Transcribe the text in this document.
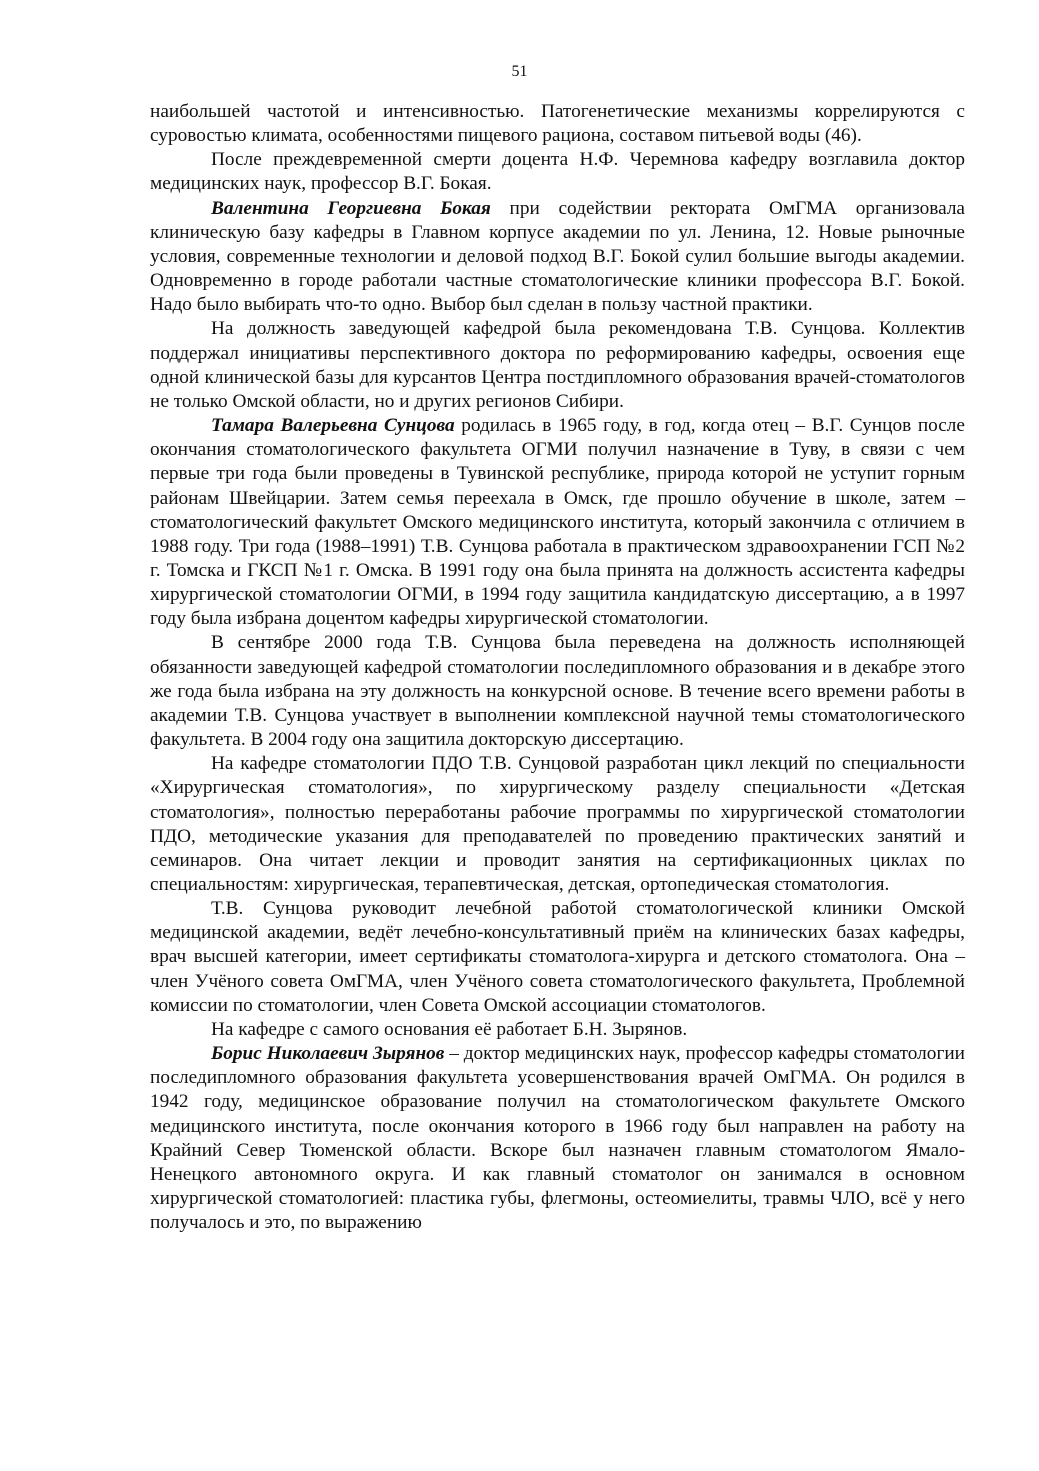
51

наибольшей частотой и интенсивностью. Патогенетические механизмы коррелируются с суровостью климата, особенностями пищевого рациона, составом питьевой воды (46).

После преждевременной смерти доцента Н.Ф. Черемнова кафедру возглавила доктор медицинских наук, профессор В.Г. Бокая.

Валентина Георгиевна Бокая при содействии ректората ОмГМА организовала клиническую базу кафедры в Главном корпусе академии по ул. Ленина, 12. Новые рыночные условия, современные технологии и деловой подход В.Г. Бокой сулил большие выгоды академии. Одновременно в городе работали частные стоматологические клиники профессора В.Г. Бокой. Надо было выбирать что-то одно. Выбор был сделан в пользу частной практики.

На должность заведующей кафедрой была рекомендована Т.В. Сунцова. Коллектив поддержал инициативы перспективного доктора по реформированию кафедры, освоения еще одной клинической базы для курсантов Центра постдипломного образования врачей-стоматологов не только Омской области, но и других регионов Сибири.

Тамара Валерьевна Сунцова родилась в 1965 году, в год, когда отец – В.Г. Сунцов после окончания стоматологического факультета ОГМИ получил назначение в Туву, в связи с чем первые три года были проведены в Тувинской республике, природа которой не уступит горным районам Швейцарии. Затем семья переехала в Омск, где прошло обучение в школе, затем – стоматологический факультет Омского медицинского института, который закончила с отличием в 1988 году. Три года (1988–1991) Т.В. Сунцова работала в практическом здравоохранении ГСП №2 г. Томска и ГКСП №1 г. Омска. В 1991 году она была принята на должность ассистента кафедры хирургической стоматологии ОГМИ, в 1994 году защитила кандидатскую диссертацию, а в 1997 году была избрана доцентом кафедры хирургической стоматологии.

В сентябре 2000 года Т.В. Сунцова была переведена на должность исполняющей обязанности заведующей кафедрой стоматологии последипломного образования и в декабре этого же года была избрана на эту должность на конкурсной основе. В течение всего времени работы в академии Т.В. Сунцова участвует в выполнении комплексной научной темы стоматологического факультета. В 2004 году она защитила докторскую диссертацию.

На кафедре стоматологии ПДО Т.В. Сунцовой разработан цикл лекций по специальности «Хирургическая стоматология», по хирургическому разделу специальности «Детская стоматология», полностью переработаны рабочие программы по хирургической стоматологии ПДО, методические указания для преподавателей по проведению практических занятий и семинаров. Она читает лекции и проводит занятия на сертификационных циклах по специальностям: хирургическая, терапевтическая, детская, ортопедическая стоматология.

Т.В. Сунцова руководит лечебной работой стоматологической клиники Омской медицинской академии, ведёт лечебно-консультативный приём на клинических базах кафедры, врач высшей категории, имеет сертификаты стоматолога-хирурга и детского стоматолога. Она – член Учёного совета ОмГМА, член Учёного совета стоматологического факультета, Проблемной комиссии по стоматологии, член Совета Омской ассоциации стоматологов.

На кафедре с самого основания её работает Б.Н. Зырянов.

Борис Николаевич Зырянов – доктор медицинских наук, профессор кафедры стоматологии последипломного образования факультета усовершенствования врачей ОмГМА. Он родился в 1942 году, медицинское образование получил на стоматологическом факультете Омского медицинского института, после окончания которого в 1966 году был направлен на работу на Крайний Север Тюменской области. Вскоре был назначен главным стоматологом Ямало-Ненецкого автономного округа. И как главный стоматолог он занимался в основном хирургической стоматологией: пластика губы, флегмоны, остеомиелиты, травмы ЧЛО, всё у него получалось и это, по выражению
